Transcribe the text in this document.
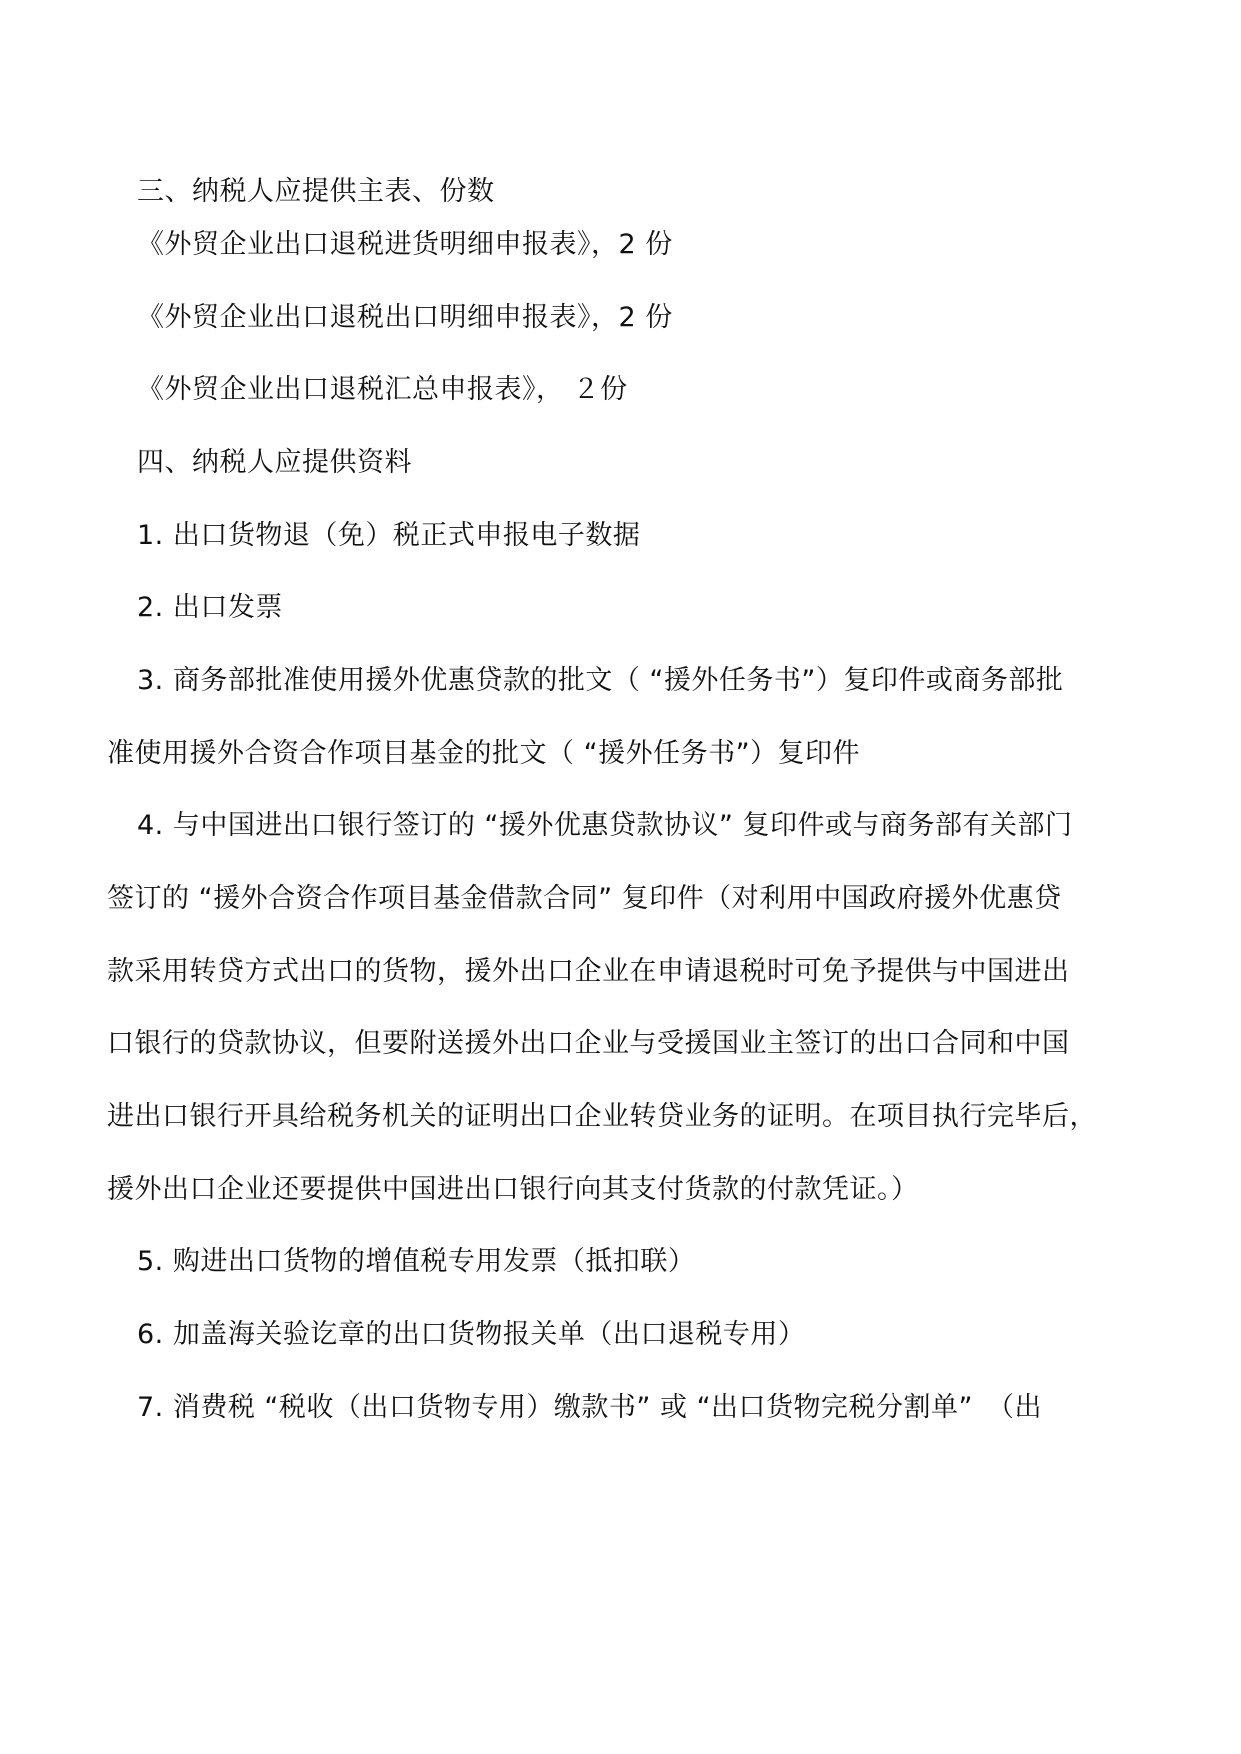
三、纳税人应提供主表、份数

《外贸企业出口退税进货明细申报表》，2 份

《外贸企业出口退税出口明细申报表》，2 份

《外贸企业出口退税汇总申报表》， ２份

四、纳税人应提供资料

1. 出口货物退（免）税正式申报电子数据

2. 出口发票

3. 商务部批准使用援外优惠贷款的批文（ “援外任务书”）复印件或商务部批

准使用援外合资合作项目基金的批文（ “援外任务书”）复印件

4. 与中国进出口银行签订的 “援外优惠贷款协议” 复印件或与商务部有关部门

签订的 “援外合资合作项目基金借款合同” 复印件（对利用中国政府援外优惠贷

款采用转贷方式出口的货物，援外出口企业在申请退税时可免予提供与中国进出

口银行的贷款协议，但要附送援外出口企业与受援国业主签订的出口合同和中国

进出口银行开具给税务机关的证明出口企业转贷业务的证明。在项目执行完毕后，

援外出口企业还要提供中国进出口银行向其支付货款的付款凭证。）

5. 购进出口货物的增值税专用发票（抵扣联）

6. 加盖海关验讫章的出口货物报关单（出口退税专用）

7. 消费税 “税收（出口货物专用）缴款书” 或 “出口货物完税分割单”　（出
